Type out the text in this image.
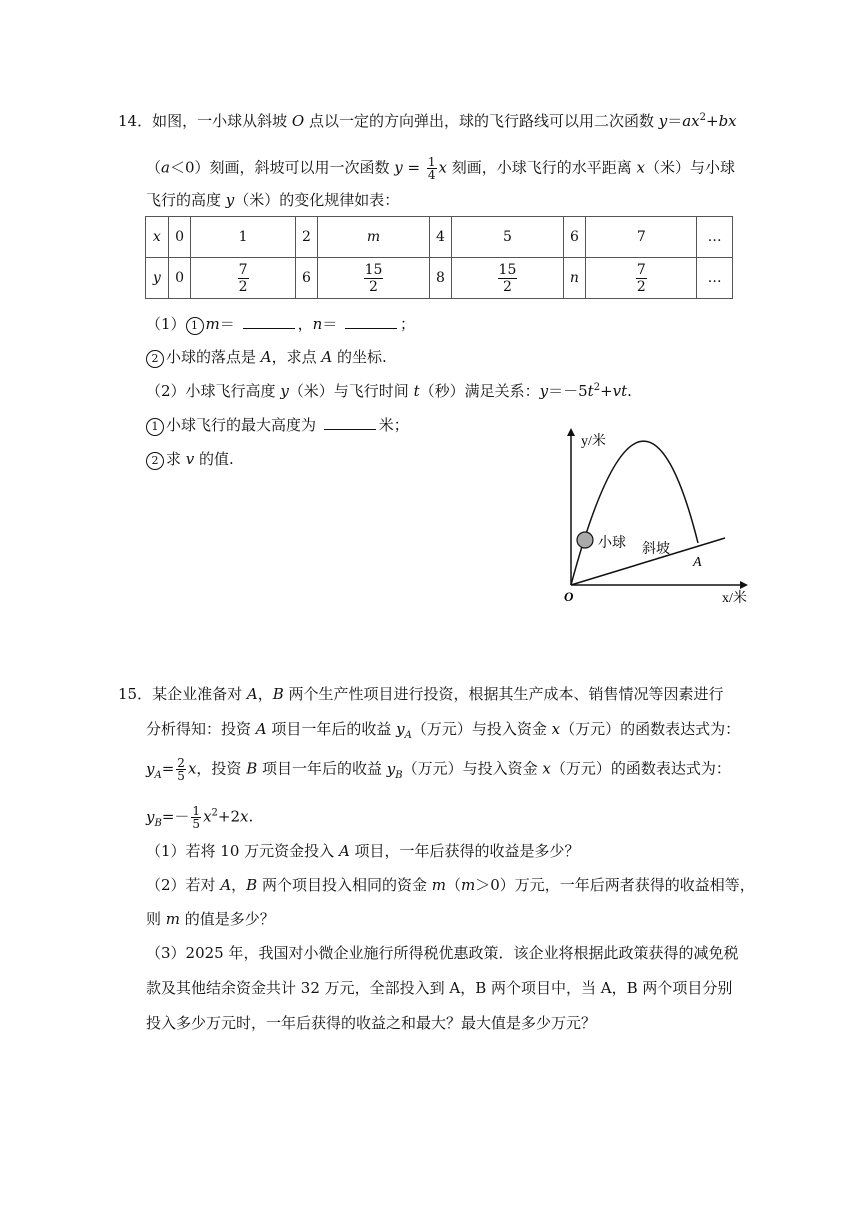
14．如图，一小球从斜坡 O 点以一定的方向弹出，球的飞行路线可以用二次函数 $y=ax^2+bx$
（a＜0）刻画，斜坡可以用一次函数 $y = \frac{1}{4}$ x 刻画，小球飞行的水平距离 x（米）与小球
飞行的高度 y（米）的变化规律如表：
x	0	1	2	m	4	5	6	7	…
y	0	$\frac{7}{2}$	6	$\frac{15}{2}$	8	$\frac{15}{2}$	n	$\frac{7}{2}$	…
（1） 1 m＝	，n＝	；
2 小球的落点是 A，求点 A 的坐标.
（2）小球飞行高度 y（米）与飞行时间 t（秒）满足关系：$y=-5t^2+vt$.
1 小球飞行的最大高度为	米；
2 求 v 的值.
y/米
x/米
O
小球 斜坡
A
15．某企业准备对 A，B 两个生产性项目进行投资，根据其生产成本、销售情况等因素进行
分析得知：投资 A 项目一年后的收益 $y_A$（万元）与投入资金 x（万元）的函数表达式为：
$y_A= \frac{2}{5}$ x，投资 B 项目一年后的收益 $y_B$（万元）与投入资金 x（万元）的函数表达式为：
$y_B=- \frac{1}{5} x^2+2x$.
（1）若将 10 万元资金投入 A 项目，一年后获得的收益是多少？
（2）若对 A，B 两个项目投入相同的资金 m（m＞0）万元，一年后两者获得的收益相等，
则 m 的值是多少？
（3）2025 年，我国对小微企业施行所得税优惠政策．该企业将根据此政策获得的减免税
款及其他结余资金共计 32 万元，全部投入到 A，B 两个项目中，当 A，B 两个项目分别
投入多少万元时，一年后获得的收益之和最大？最大值是多少万元？
